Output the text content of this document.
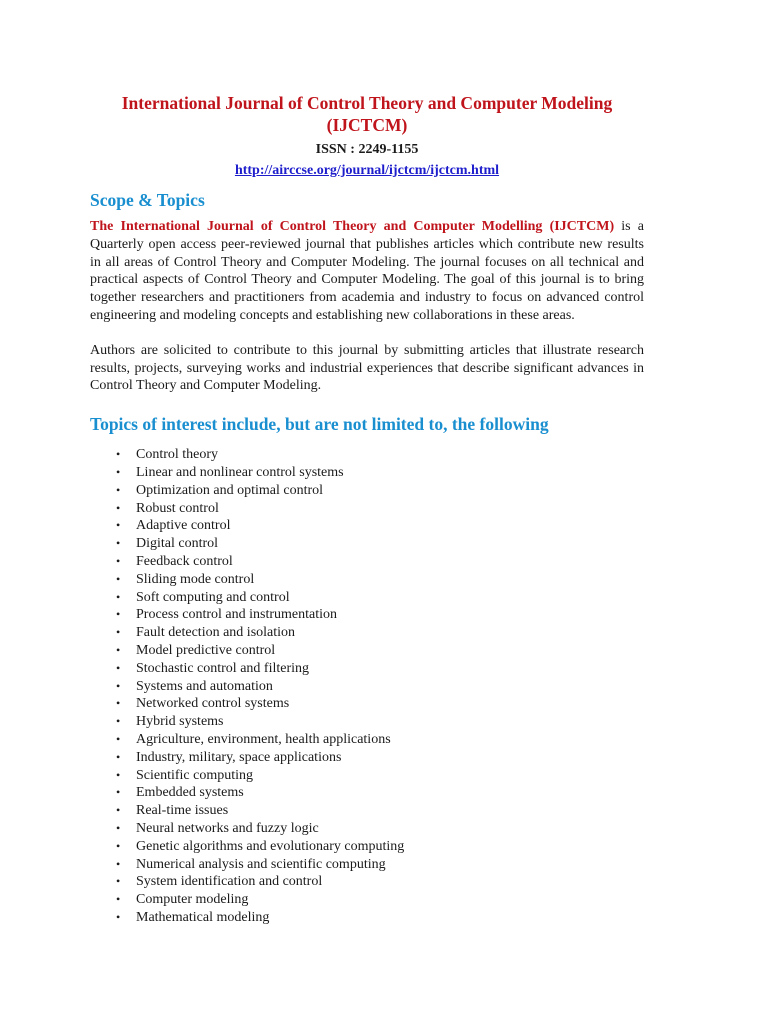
International Journal of Control Theory and Computer Modeling
(IJCTCM)
ISSN : 2249-1155
http://airccse.org/journal/ijctcm/ijctcm.html
Scope & Topics

The International Journal of Control Theory and Computer Modelling (IJCTCM) is a Quarterly open access peer-reviewed journal that publishes articles which contribute new results in all areas of Control Theory and Computer Modeling. The journal focuses on all technical and practical aspects of Control Theory and Computer Modeling. The goal of this journal is to bring together researchers and practitioners from academia and industry to focus on advanced control engineering and modeling concepts and establishing new collaborations in these areas.

Authors are solicited to contribute to this journal by submitting articles that illustrate research results, projects, surveying works and industrial experiences that describe significant advances in Control Theory and Computer Modeling.

Topics of interest include, but are not limited to, the following
•	Control theory
•	Linear and nonlinear control systems
•	Optimization and optimal control
•	Robust control
•	Adaptive control
•	Digital control
•	Feedback control
•	Sliding mode control
•	Soft computing and control
•	Process control and instrumentation
•	Fault detection and isolation
•	Model predictive control
•	Stochastic control and filtering
•	Systems and automation
•	Networked control systems
•	Hybrid systems
•	Agriculture, environment, health applications
•	Industry, military, space applications
•	Scientific computing
•	Embedded systems
•	Real-time issues
•	Neural networks and fuzzy logic
•	Genetic algorithms and evolutionary computing
•	Numerical analysis and scientific computing
•	System identification and control
•	Computer modeling
•	Mathematical modeling
